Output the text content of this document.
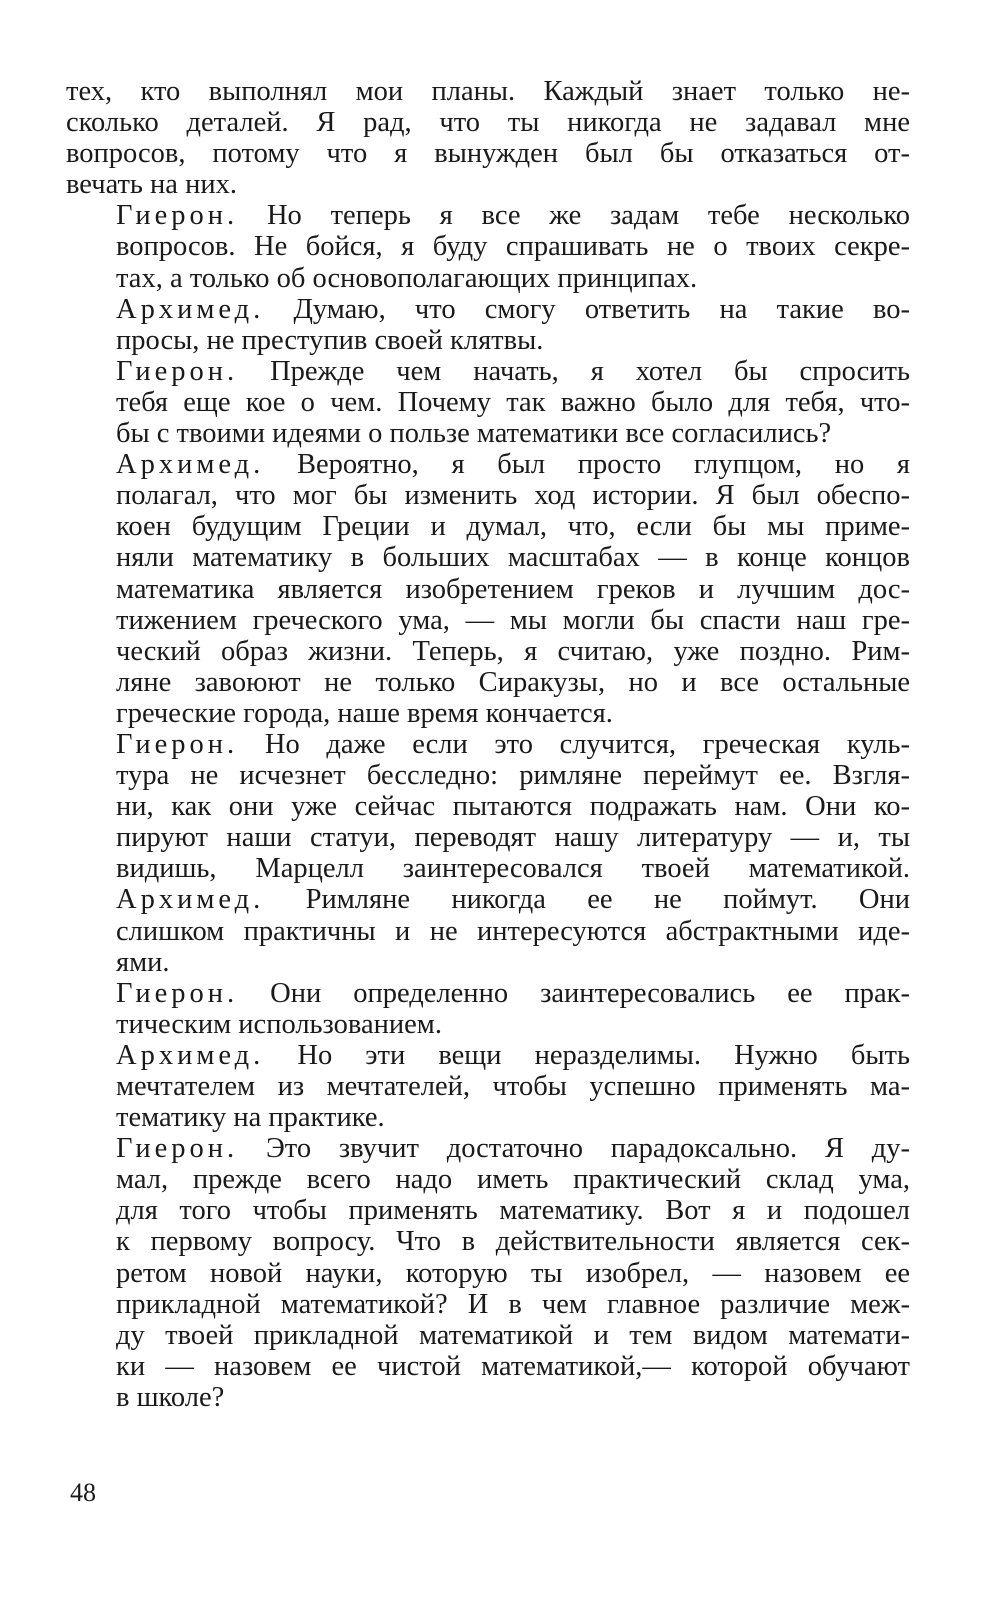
тех, кто выполнял мои планы. Каждый знает только не-
сколько деталей. Я рад, что ты никогда не задавал мне
вопросов, потому что я вынужден был бы отказаться от-
вечать на них.

Гиерон. Но теперь я все же задам тебе несколько
вопросов. Не бойся, я буду спрашивать не о твоих секре-
тах, а только об основополагающих принципах.

Архимед. Думаю, что смогу ответить на такие во-
просы, не преступив своей клятвы.

Гиерон. Прежде чем начать, я хотел бы спросить
тебя еще кое о чем. Почему так важно было для тебя, что-
бы с твоими идеями о пользе математики все согласились?

Архимед. Вероятно, я был просто глупцом, но я
полагал, что мог бы изменить ход истории. Я был обеспо-
коен будущим Греции и думал, что, если бы мы приме-
няли математику в больших масштабах — в конце концов
математика является изобретением греков и лучшим дос-
тижением греческого ума, — мы могли бы спасти наш гре-
ческий образ жизни. Теперь, я считаю, уже поздно. Рим-
ляне завоюют не только Сиракузы, но и все остальные
греческие города, наше время кончается.

Гиерон. Но даже если это случится, греческая куль-
тура не исчезнет бесследно: римляне переймут ее. Взгля-
ни, как они уже сейчас пытаются подражать нам. Они ко-
пируют наши статуи, переводят нашу литературу — и, ты
видишь, Марцелл заинтересовался твоей математикой.

Архимед. Римляне никогда ее не поймут. Они
слишком практичны и не интересуются абстрактными иде-
ями.

Гиерон. Они определенно заинтересовались ее прак-
тическим использованием.

Архимед. Но эти вещи неразделимы. Нужно быть
мечтателем из мечтателей, чтобы успешно применять ма-
тематику на практике.

Гиерон. Это звучит достаточно парадоксально. Я ду-
мал, прежде всего надо иметь практический склад ума,
для того чтобы применять математику. Вот я и подошел
к первому вопросу. Что в действительности является сек-
ретом новой науки, которую ты изобрел, — назовем ее
прикладной математикой? И в чем главное различие меж-
ду твоей прикладной математикой и тем видом математи-
ки — назовем ее чистой математикой,— которой обучают
в школе?

48
